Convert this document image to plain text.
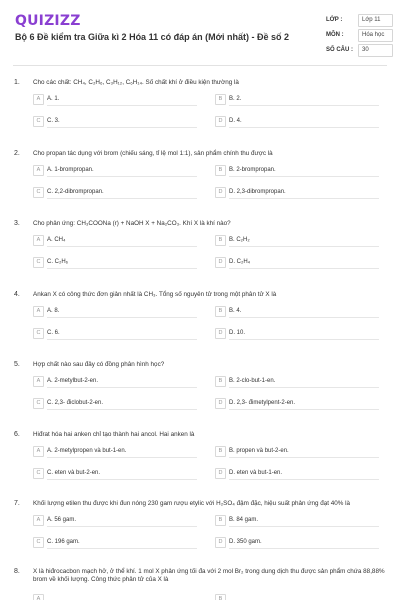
QUIZIZZ
Bộ 6 Đề kiểm tra Giữa kì 2 Hóa 11 có đáp án (Mới nhất) - Đề số 2
LỚP :	Lớp 11
MÔN :	Hóa học
SỐ CÂU :	30
1. Cho các chất: CH₄, C₂H₆, C₃H₁₂, C₆H₁₄. Số chất khí ở điều kiện thường là
A	A. 1.	B	B. 2.
C	C. 3.	D	D. 4.
2. Cho propan tác dụng với brom (chiếu sáng, tỉ lệ mol 1:1), sản phẩm chính thu được là
A	A. 1-brompropan.	B	B. 2-brompropan.
C	C. 2,2-dibrompropan.	D	D. 2,3-dibrompropan.
3. Cho phản ứng: CH₃COONa (r) + NaOH X + Na₂CO₃. Khí X là khí nào?
A	A. CH₄	B	B. C₂H₂
C	C. C₂H₆	D	D. C₂H₄
4. Ankan X có công thức đơn giản nhất là CH₃. Tổng số nguyên tử trong một phân tử X là
A	A. 8.	B	B. 4.
C	C. 6.	D	D. 10.
5. Hợp chất nào sau đây có đồng phân hình học?
A	A. 2-metylbut-2-en.	B	B. 2-clo-but-1-en.
C	C. 2,3- điclobut-2-en.	D	D. 2,3- đimetylpent-2-en.
6. Hiđrat hóa hai anken chỉ tạo thành hai ancol. Hai anken là
A	A. 2-metylpropen và but-1-en.	B	B. propen và but-2-en.
C	C. eten và but-2-en.	D	D. eten và but-1-en.
7. Khối lượng etilen thu được khi đun nóng 230 gam rượu etylic với H₂SO₄ đậm đặc, hiệu suất phản ứng đạt 40% là
A	A. 56 gam.	B	B. 84 gam.
C	C. 196 gam.	D	D. 350 gam.
8. X là hiđrocacbon mạch hở, ở thể khí. 1 mol X phản ứng tối đa với 2 mol Br₂ trong dung dịch thu được sản phẩm chứa 88,88% brom về khối lượng. Công thức phân tử của X là
A	B
